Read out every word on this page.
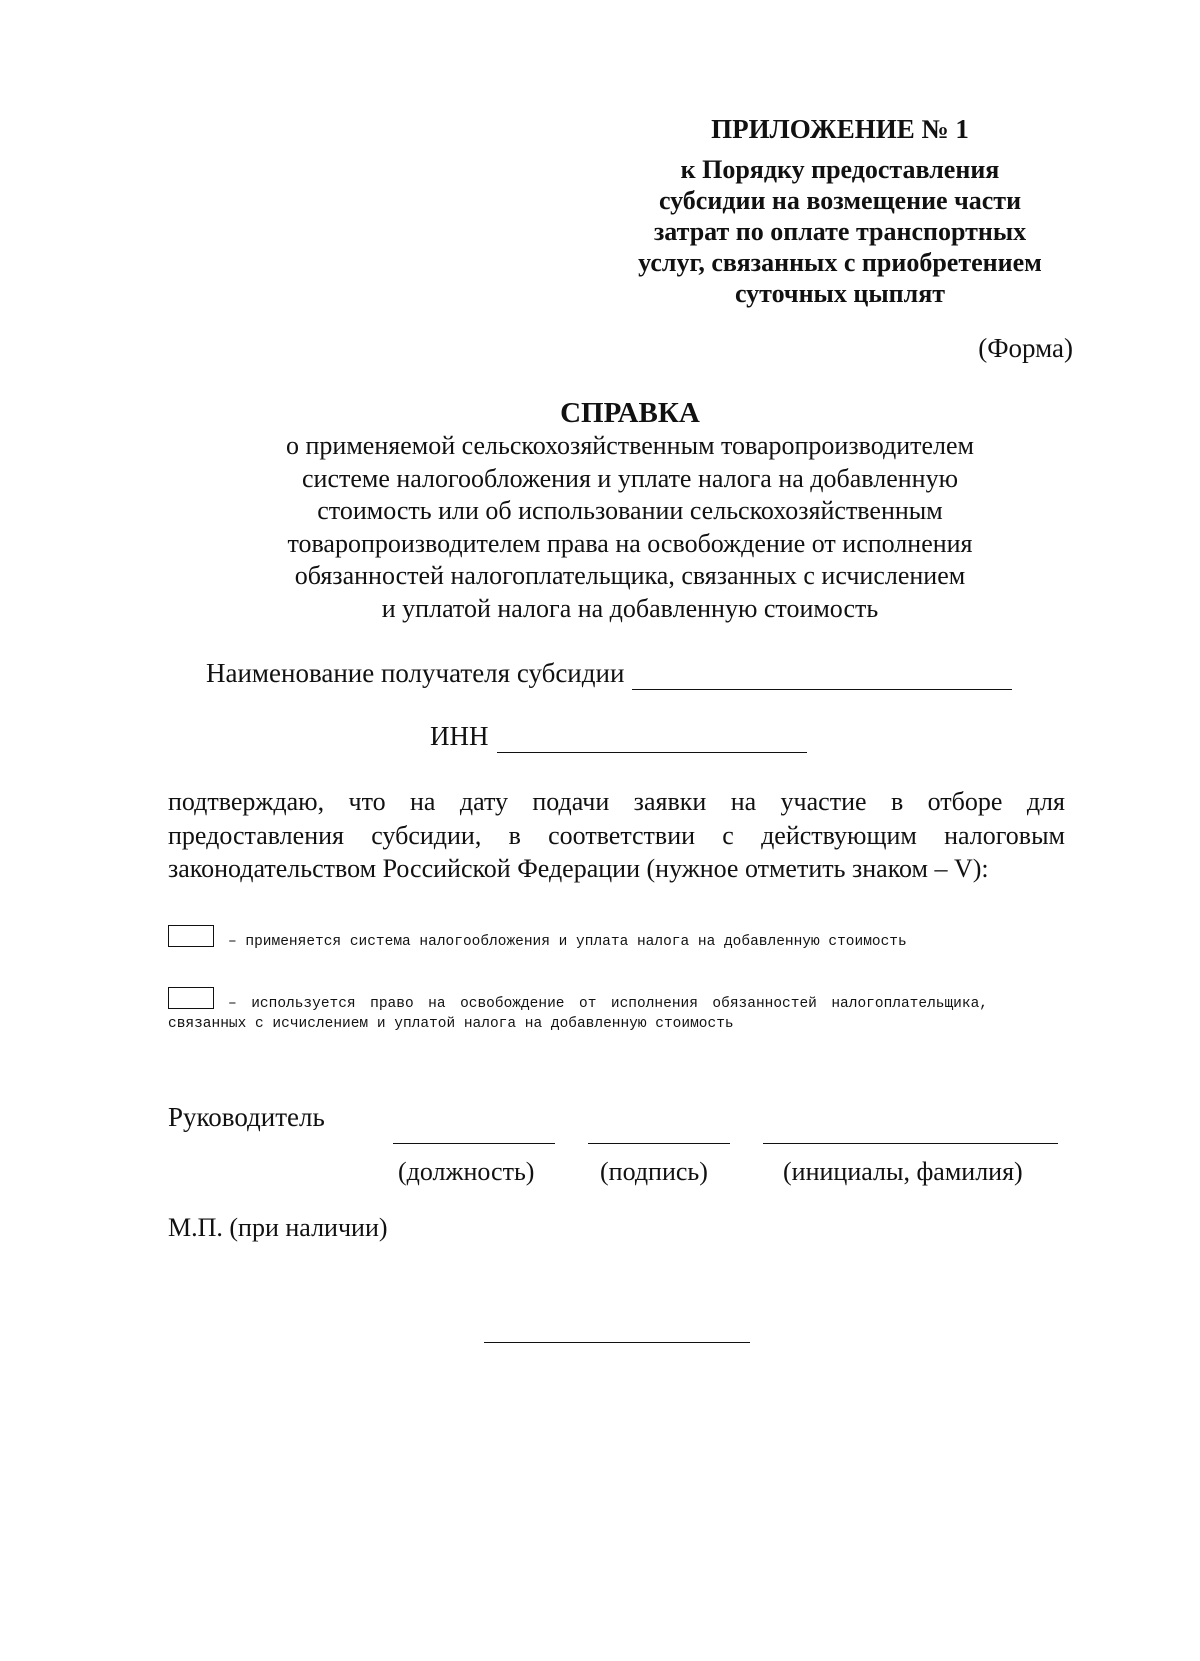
ПРИЛОЖЕНИЕ № 1
к Порядку предоставления
субсидии на возмещение части
затрат по оплате транспортных
услуг, связанных с приобретением
суточных цыплят
(Форма)
СПРАВКА
о применяемой сельскохозяйственным товаропроизводителем
системе налогообложения и уплате налога на добавленную
стоимость или об использовании сельскохозяйственным
товаропроизводителем права на освобождение от исполнения
обязанностей налогоплательщика, связанных с исчислением
и уплатой налога на добавленную стоимость
Наименование получателя субсидии
ИНН
подтверждаю, что на дату подачи заявки на участие в отборе для предоставления субсидии, в соответствии с действующим налоговым законодательством Российской Федерации (нужное отметить знаком – V):
– применяется система налогообложения и уплата налога на добавленную стоимость
– используется право на освобождение от исполнения обязанностей налогоплательщика, связанных с исчислением и уплатой налога на добавленную стоимость
Руководитель
(должность)	(подпись)	(инициалы, фамилия)
М.П. (при наличии)
